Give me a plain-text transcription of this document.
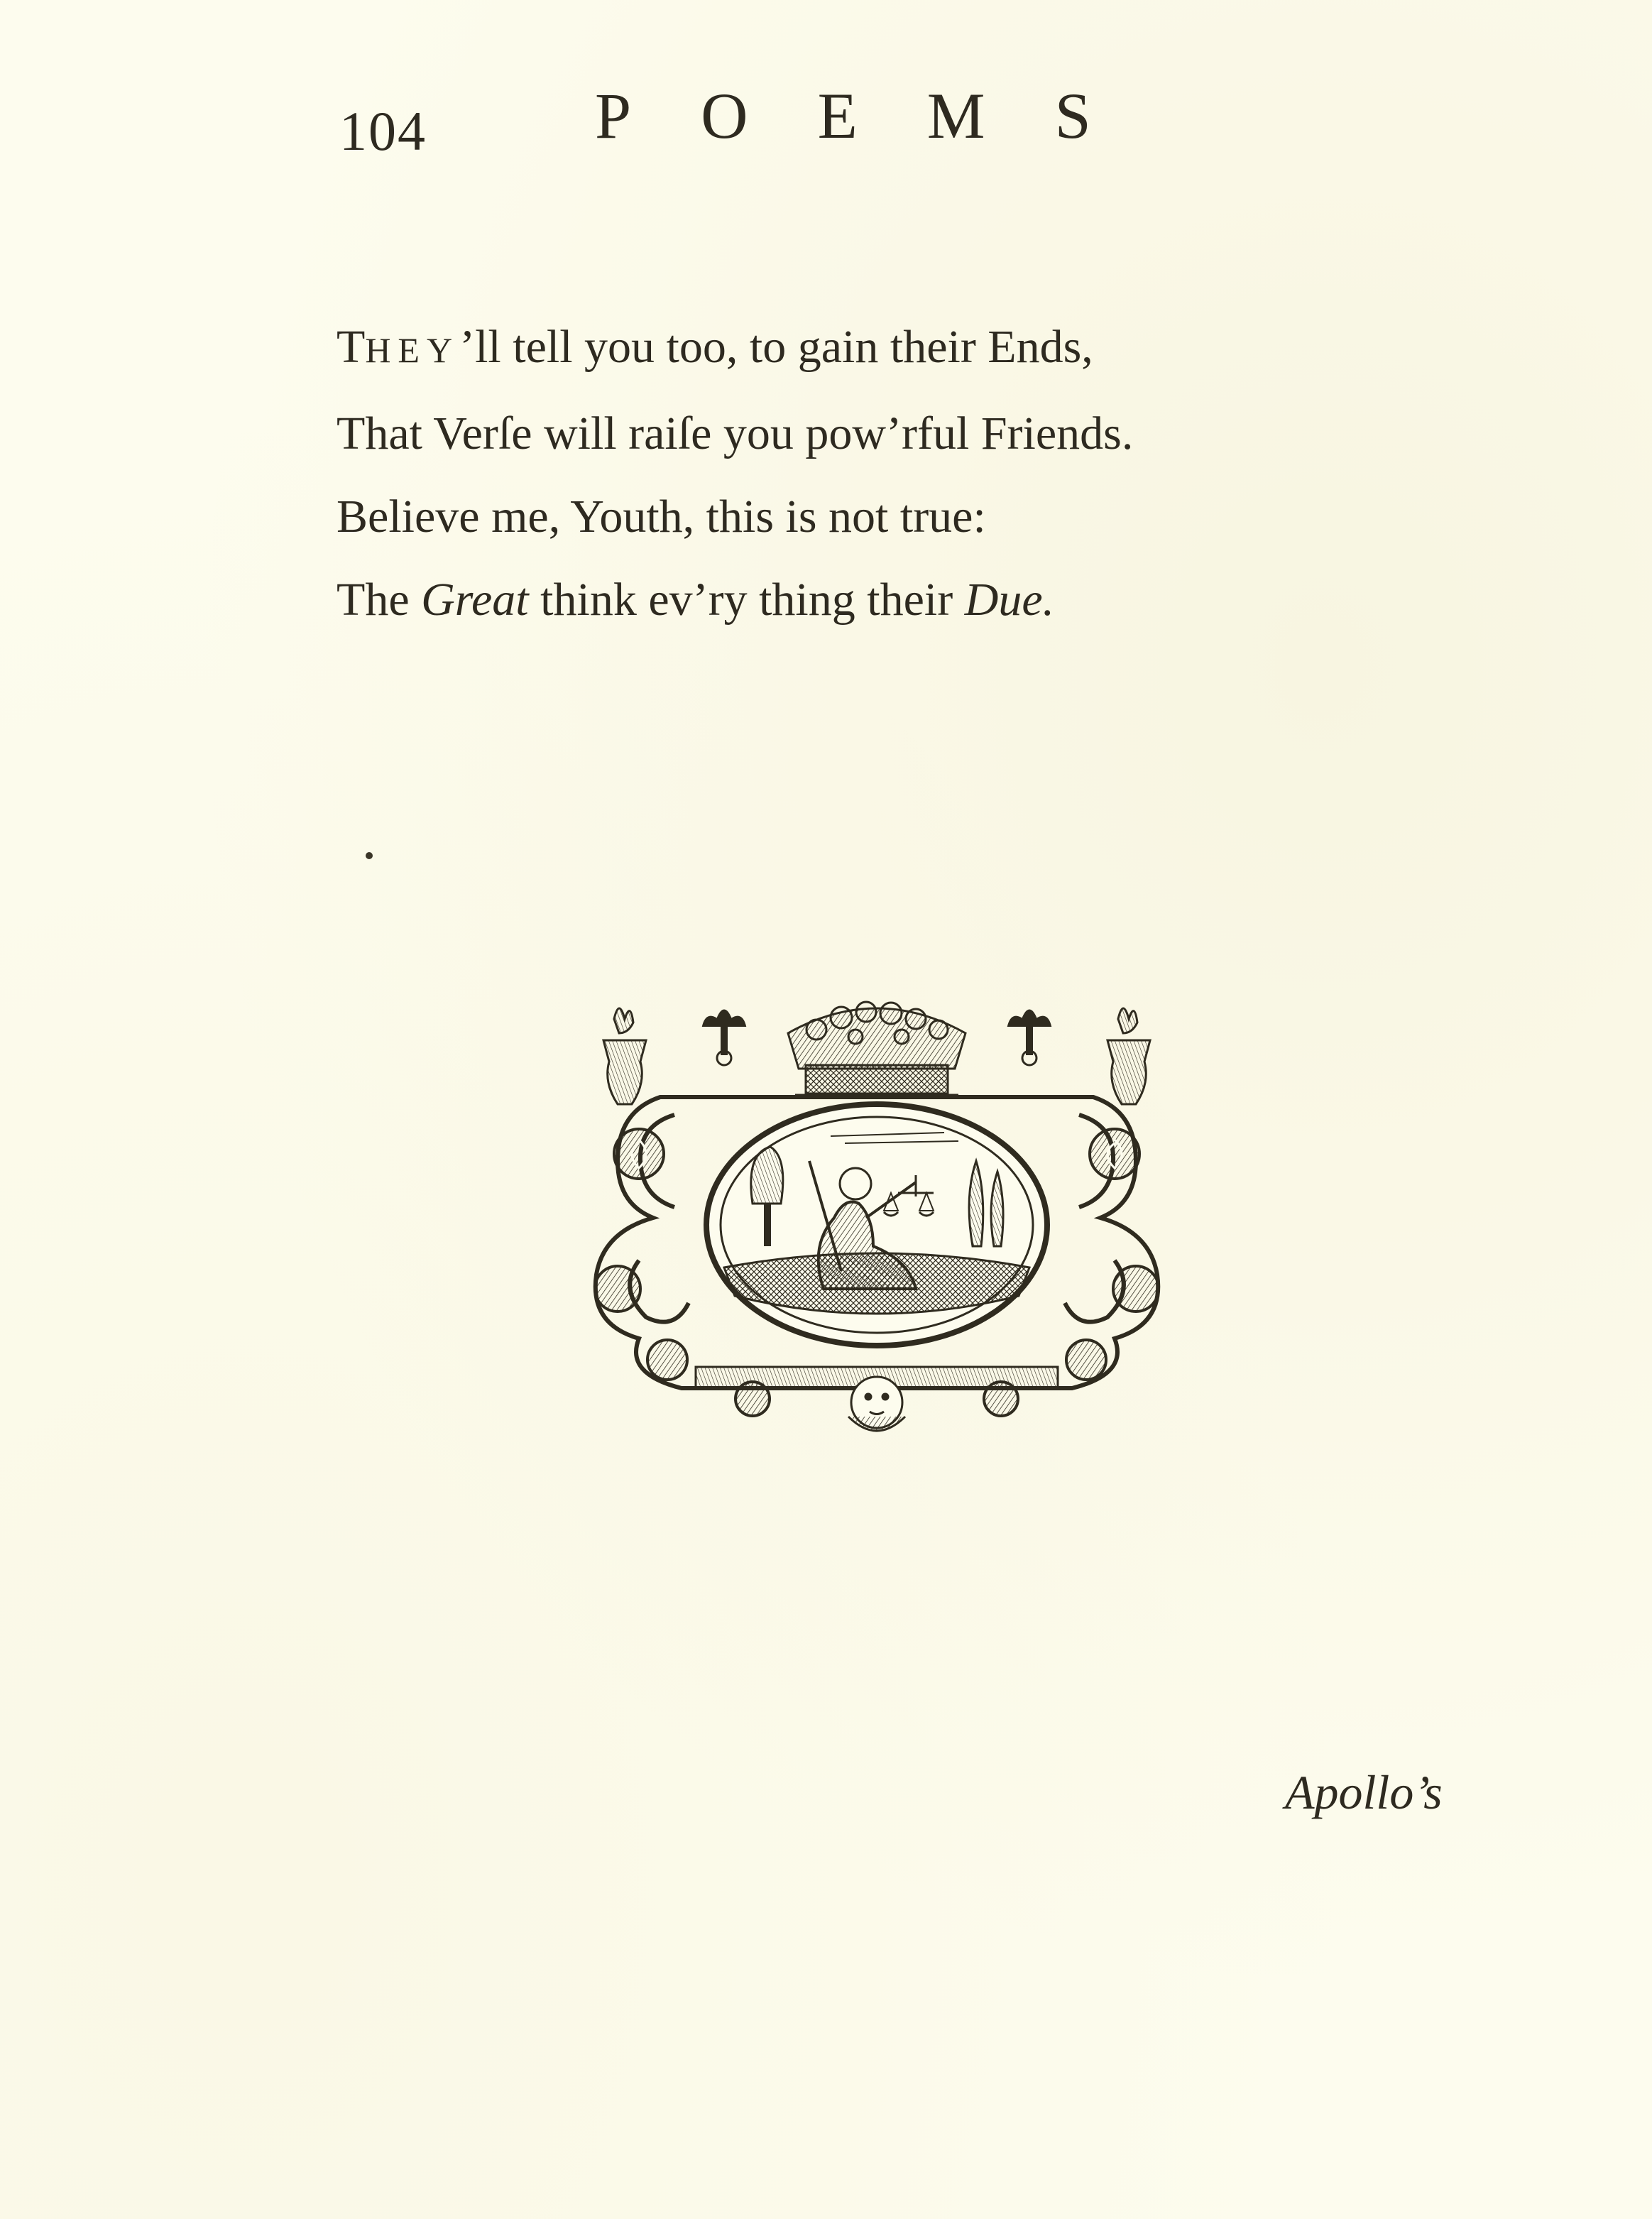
104	POEMS
THEY’ll tell you too, to gain their Ends,
That Verſe will raiſe you pow’rful Friends.
Believe me, Youth, this is not true:
The Great think ev’ry thing their Due.
Apollo’s
